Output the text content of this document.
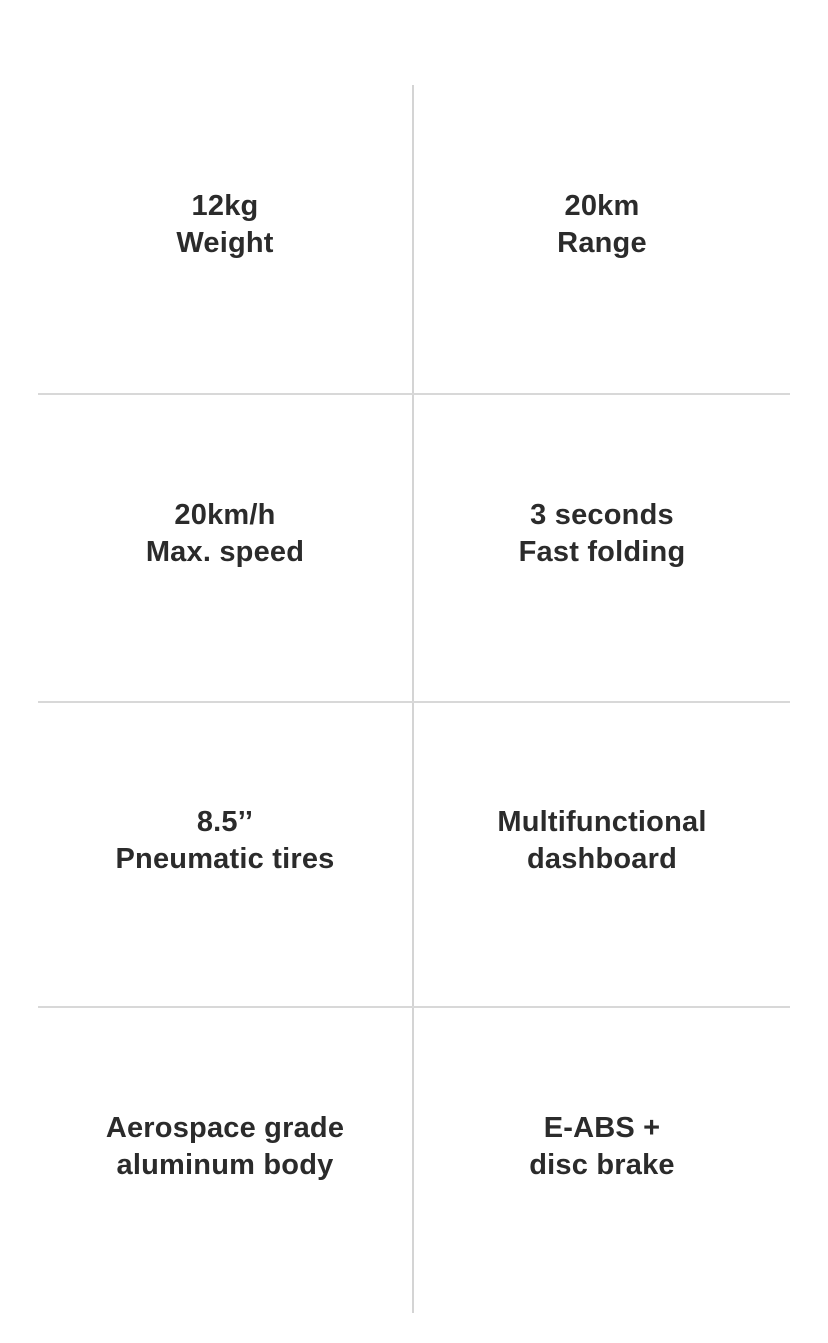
12kg
Weight
20km
Range
20km/h
Max. speed
3 seconds
Fast folding
8.5’’
Pneumatic tires
Multifunctional
dashboard
Aerospace grade
aluminum body
E-ABS +
disc brake
